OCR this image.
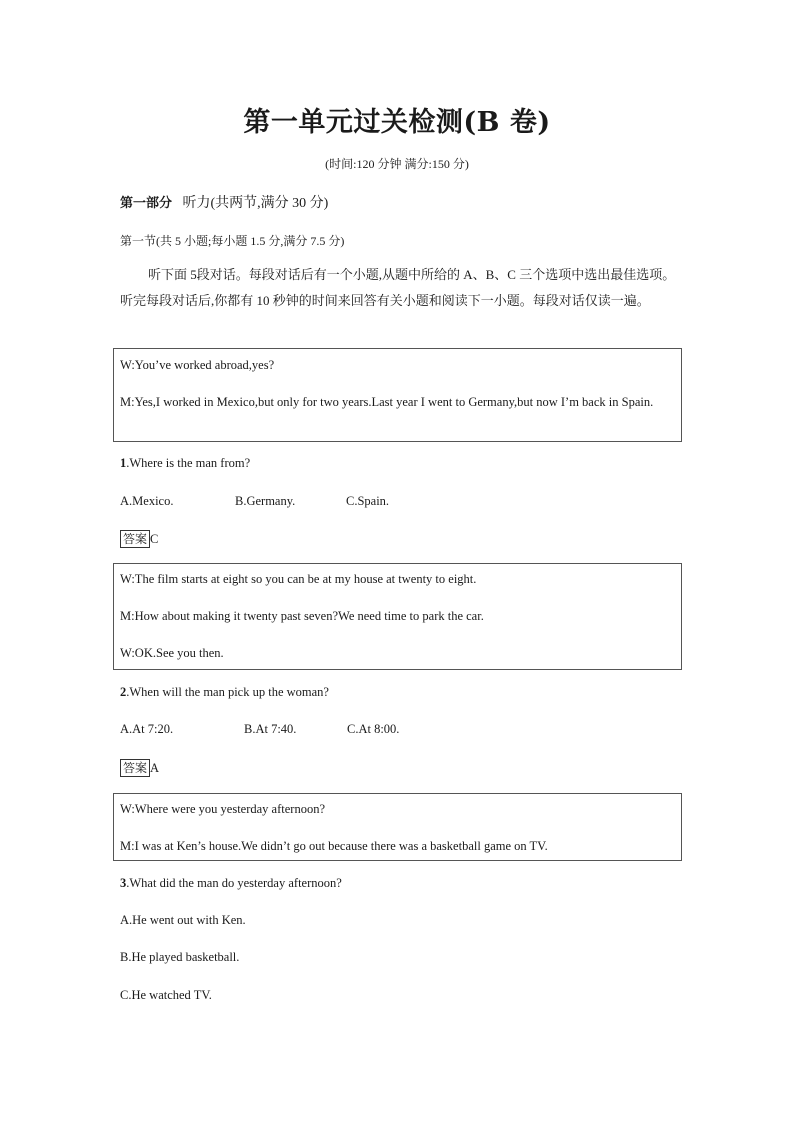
第一单元过关检测(B 卷)
(时间:120 分钟 满分:150 分)
第一部分 听力(共两节,满分 30 分)
第一节(共 5 小题;每小题 1.5 分,满分 7.5 分)
听下面 5段对话。每段对话后有一个小题,从题中所给的 A、B、C 三个选项中选出最佳选项。听完每段对话后,你都有 10 秒钟的时间来回答有关小题和阅读下一小题。每段对话仅读一遍。

W:You’ve worked abroad,yes?

M:Yes,I worked in Mexico,but only for two years.Last year I went to Germany,but now I’m back in Spain.

1.Where is the man from?
A.Mexico.	B.Germany.	C.Spain.
答案 C

W:The film starts at eight so you can be at my house at twenty to eight.

M:How about making it twenty past seven?We need time to park the car.

W:OK.See you then.

2.When will the man pick up the woman?
A.At 7:20.	B.At 7:40.	C.At 8:00.
答案 A

W:Where were you yesterday afternoon?

M:I was at Ken’s house.We didn’t go out because there was a basketball game on TV.

3.What did the man do yesterday afternoon?
A.He went out with Ken.
B.He played basketball.
C.He watched TV.
